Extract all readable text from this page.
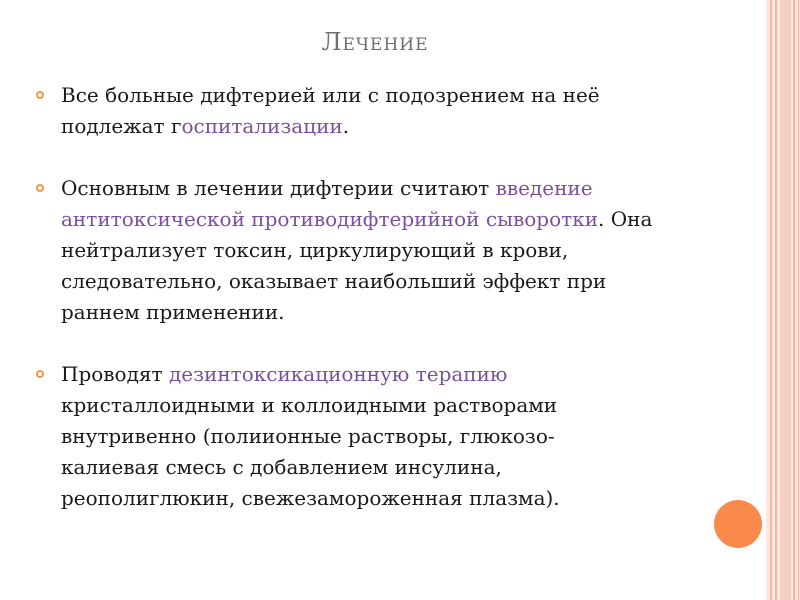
Лечение
Все больные дифтерией или с подозрением на неё
подлежат госпитализации.
Основным в лечении дифтерии считают введение
антитоксической противодифтерийной сыворотки. Она
нейтрализует токсин, циркулирующий в крови,
следовательно, оказывает наибольший эффект при
раннем применении.
Проводят дезинтоксикационную терапию
кристаллоидными и коллоидными растворами
внутривенно (полиионные растворы, глюкозо-
калиевая смесь с добавлением инсулина,
реополиглюкин, свежезамороженная плазма).
